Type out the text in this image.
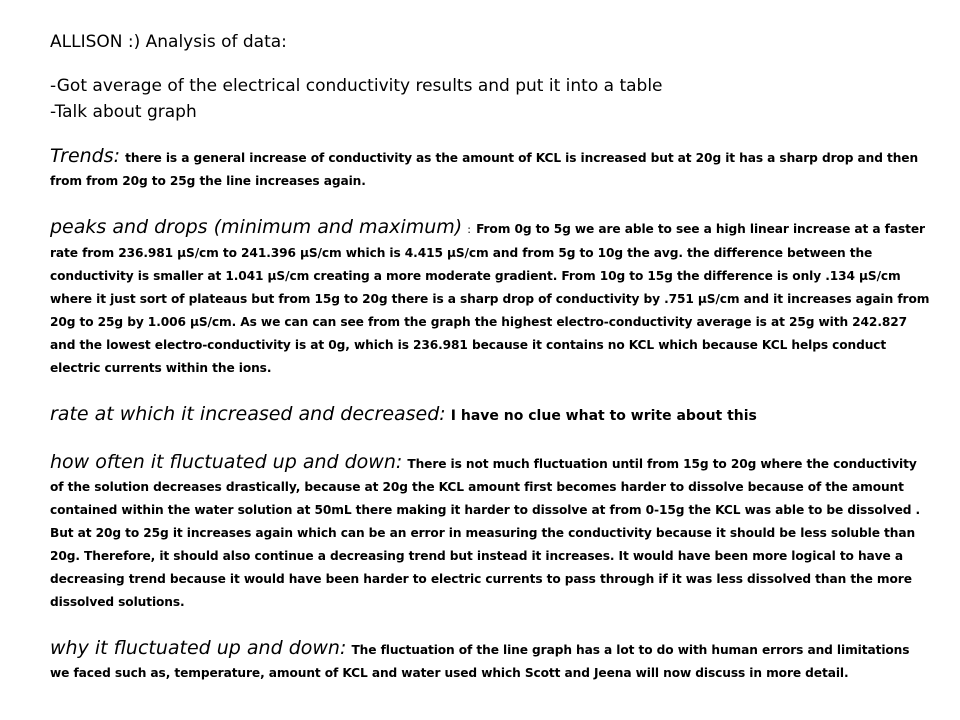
ALLISON :) Analysis of data:
-Got average of the electrical conductivity results and put it into a table
-Talk about graph

Trends: there is a general increase of conductivity as the amount of KCL is increased but at 20g it has a sharp drop and then from from 20g to 25g the line increases again.

peaks and drops (minimum and maximum) : From 0g to 5g we are able to see a high linear increase at a faster rate from 236.981 µS/cm to 241.396 µS/cm which is 4.415 µS/cm and from 5g to 10g the avg. the difference between the conductivity is smaller at 1.041 µS/cm creating a more moderate gradient. From 10g to 15g the difference is only .134 µS/cm where it just sort of plateaus but from 15g to 20g there is a sharp drop of conductivity by .751 µS/cm and it increases again from 20g to 25g by 1.006 µS/cm. As we can can see from the graph the highest electro-conductivity average is at 25g with 242.827 and the lowest electro-conductivity is at 0g, which is 236.981 because it contains no KCL which because KCL helps conduct electric currents within the ions.

rate at which it increased and decreased: I have no clue what to write about this

how often it fluctuated up and down: There is not much fluctuation until from 15g to 20g where the conductivity of the solution decreases drastically, because at 20g the KCL amount first becomes harder to dissolve because of the amount contained within the water solution at 50mL there making it harder to dissolve at from 0-15g the KCL was able to be dissolved . But at 20g to 25g it increases again which can be an error in measuring the conductivity because it should be less soluble than 20g. Therefore, it should also continue a decreasing trend but instead it increases. It would have been more logical to have a decreasing trend because it would have been harder to electric currents to pass through if it was less dissolved than the more dissolved solutions.

why it fluctuated up and down: The fluctuation of the line graph has a lot to do with human errors and limitations we faced such as, temperature, amount of KCL and water used which Scott and Jeena will now discuss in more detail.
